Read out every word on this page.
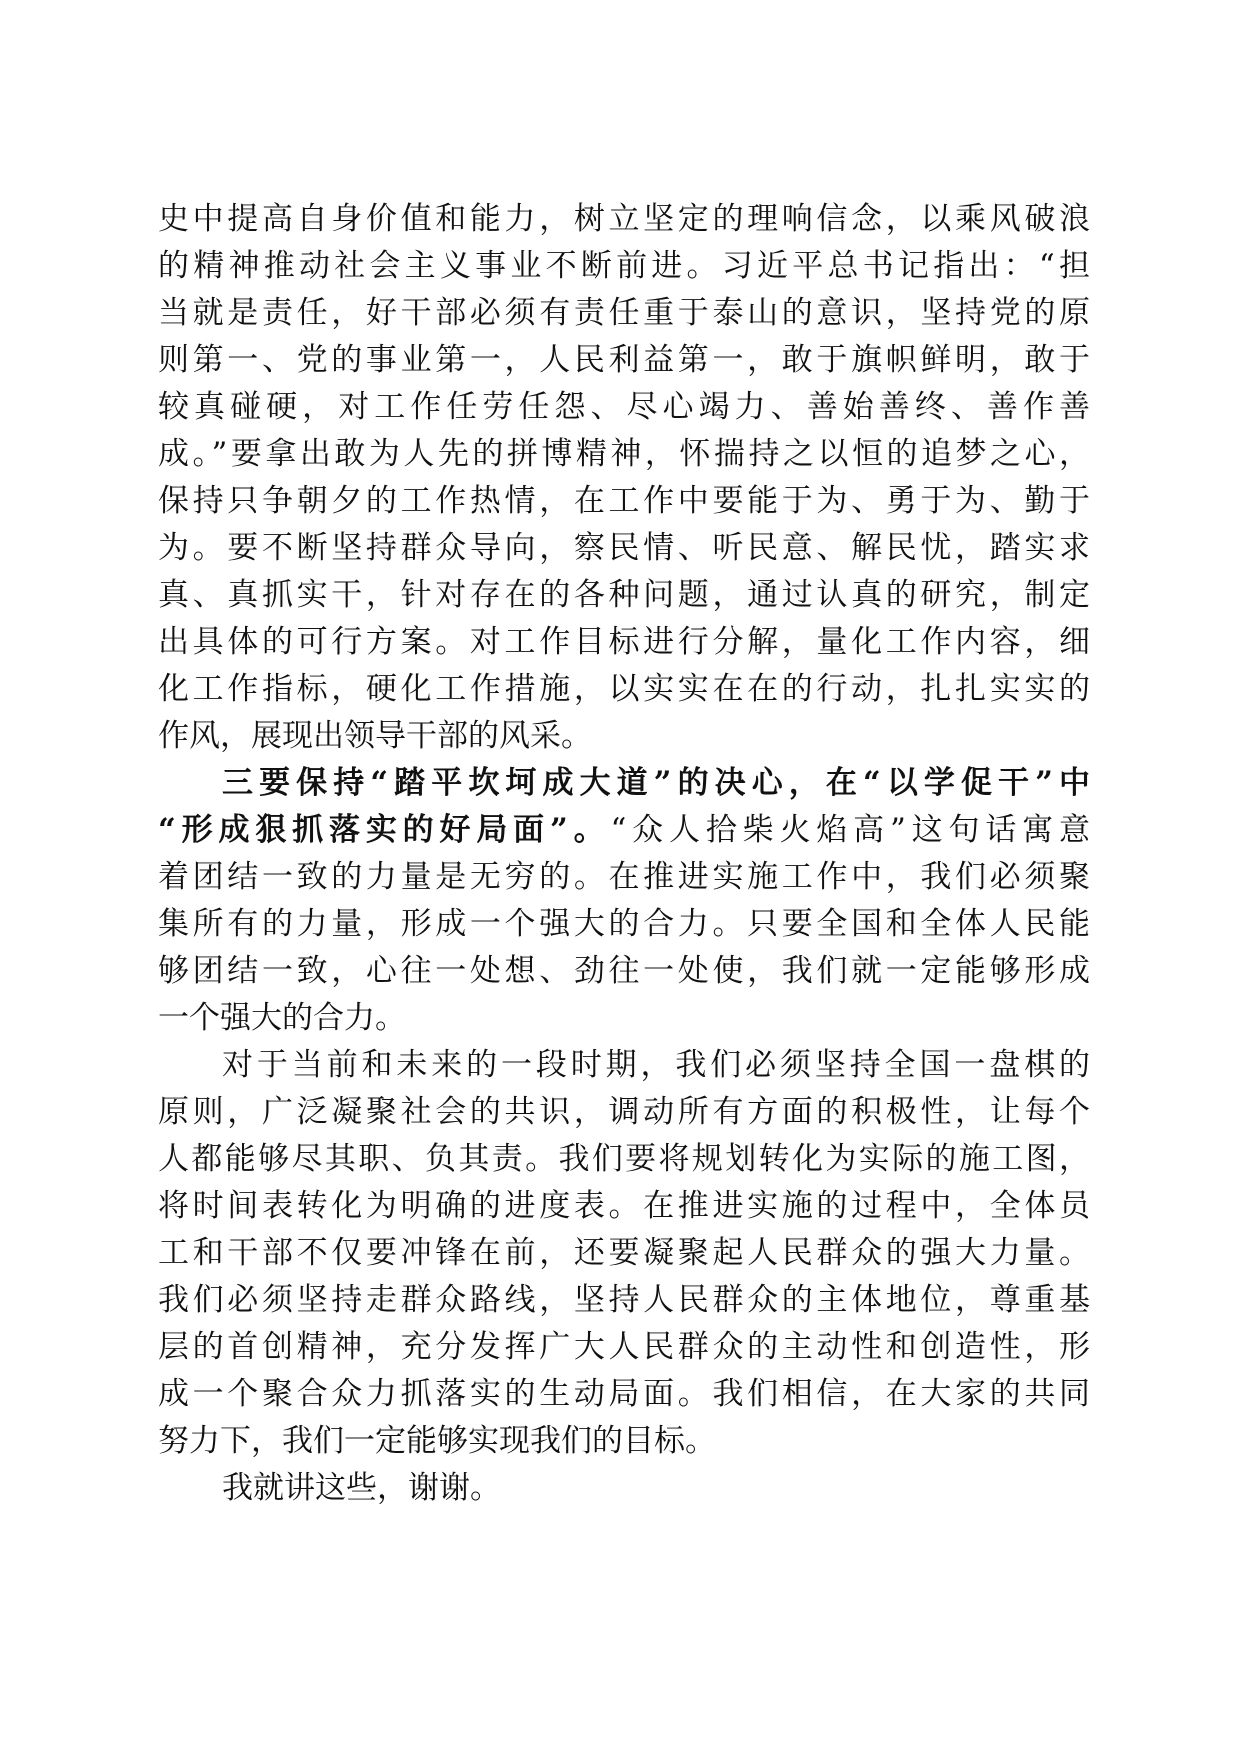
史中提高自身价值和能力，树立坚定的理响信念，以乘风破浪
的精神推动社会主义事业不断前进。习近平总书记指出：“担
当就是责任，好干部必须有责任重于泰山的意识，坚持党的原
则第一、党的事业第一，人民利益第一，敢于旗帜鲜明，敢于
较真碰硬，对工作任劳任怨、尽心竭力、善始善终、善作善
成。”要拿出敢为人先的拼博精神，怀揣持之以恒的追梦之心，
保持只争朝夕的工作热情，在工作中要能于为、勇于为、勤于
为。要不断坚持群众导向，察民情、听民意、解民忧，踏实求
真、真抓实干，针对存在的各种问题，通过认真的研究，制定
出具体的可行方案。对工作目标进行分解，量化工作内容，细
化工作指标，硬化工作措施，以实实在在的行动，扎扎实实的
作风，展现出领导干部的风采。
三要保持“踏平坎坷成大道”的决心，在“以学促干”中
“形成狠抓落实的好局面”。“众人拾柴火焰高”这句话寓意
着团结一致的力量是无穷的。在推进实施工作中，我们必须聚
集所有的力量，形成一个强大的合力。只要全国和全体人民能
够团结一致，心往一处想、劲往一处使，我们就一定能够形成
一个强大的合力。
对于当前和未来的一段时期，我们必须坚持全国一盘棋的
原则，广泛凝聚社会的共识，调动所有方面的积极性，让每个
人都能够尽其职、负其责。我们要将规划转化为实际的施工图，
将时间表转化为明确的进度表。在推进实施的过程中，全体员
工和干部不仅要冲锋在前，还要凝聚起人民群众的强大力量。
我们必须坚持走群众路线，坚持人民群众的主体地位，尊重基
层的首创精神，充分发挥广大人民群众的主动性和创造性，形
成一个聚合众力抓落实的生动局面。我们相信，在大家的共同
努力下，我们一定能够实现我们的目标。
我就讲这些，谢谢。
